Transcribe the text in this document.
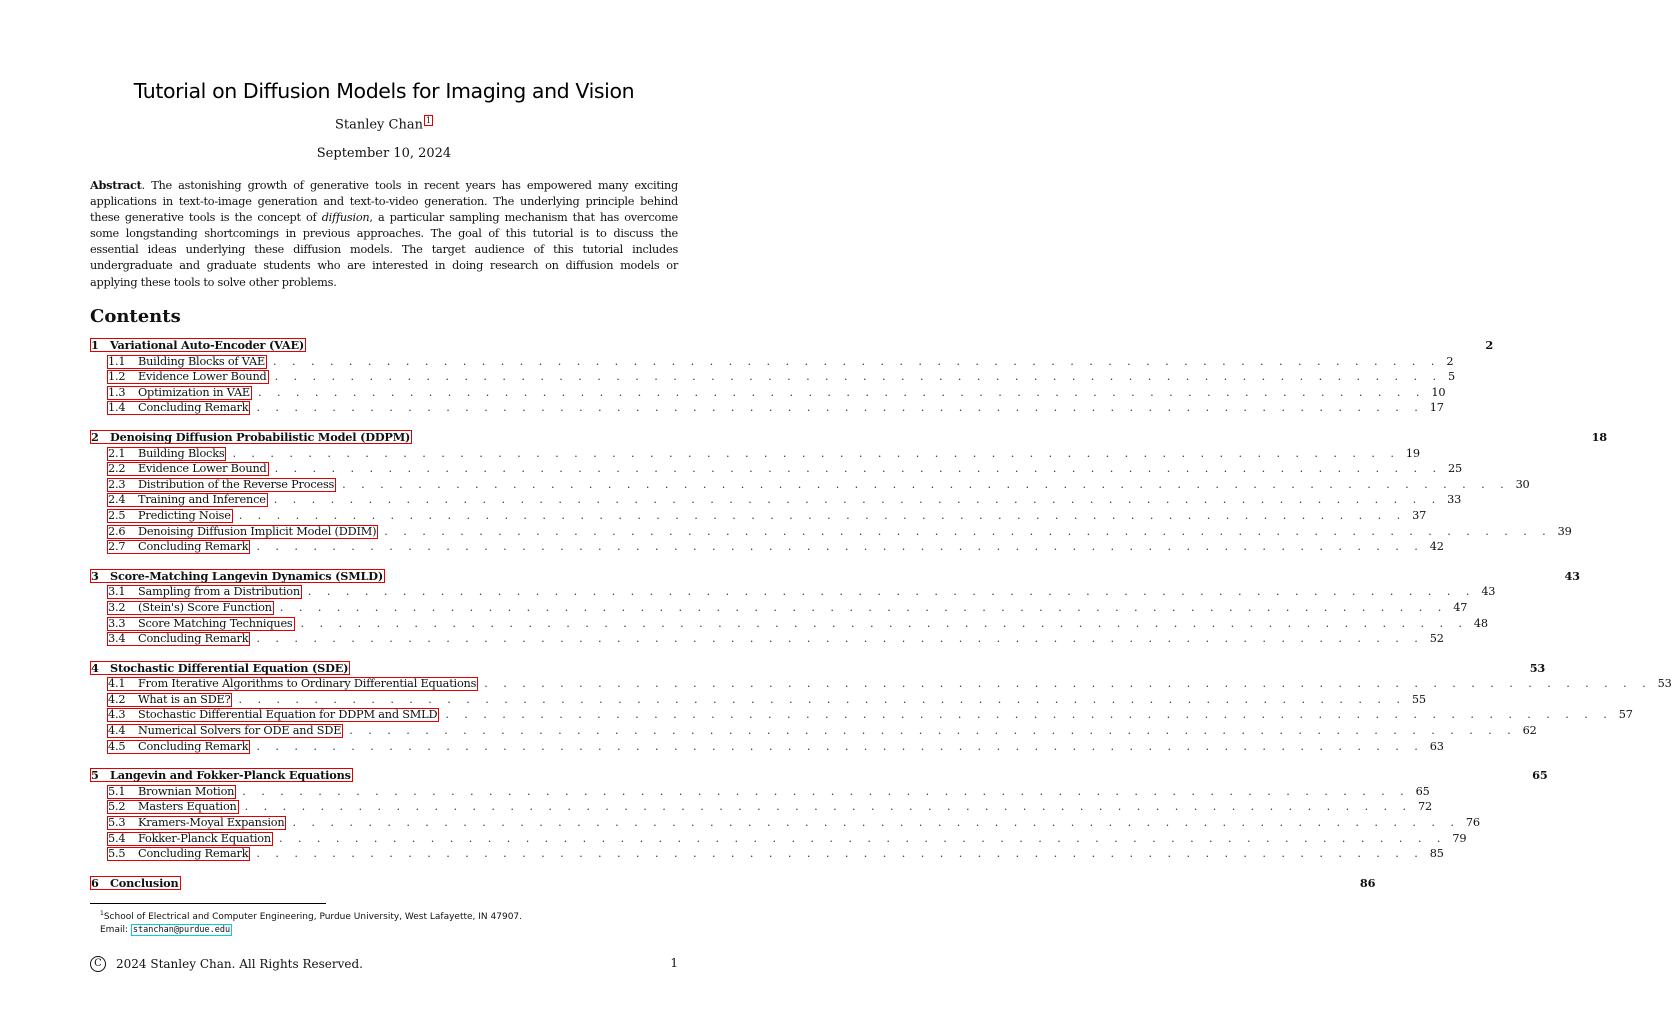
Tutorial on Diffusion Models for Imaging and Vision
Stanley Chan $^1$
September 10, 2024
Abstract. The astonishing growth of generative tools in recent years has empowered many exciting applications in text-to-image generation and text-to-video generation. The underlying principle behind these generative tools is the concept of diffusion, a particular sampling mechanism that has overcome some longstanding shortcomings in previous approaches. The goal of this tutorial is to discuss the essential ideas underlying these diffusion models. The target audience of this tutorial includes undergraduate and graduate students who are interested in doing research on diffusion models or applying these tools to solve other problems.
Contents
1 Variational Auto-Encoder (VAE)	2
1.1 Building Blocks of VAE . . . . . . . . . . . . . . . . . . . . . . . . . . . . . . . . . . . . . . . . . . . . . . . . . . . . . . . . . . . . . . 2
1.2 Evidence Lower Bound . . . . . . . . . . . . . . . . . . . . . . . . . . . . . . . . . . . . . . . . . . . . . . . . . . . . . . . . . . . . . . 5
1.3 Optimization in VAE . . . . . . . . . . . . . . . . . . . . . . . . . . . . . . . . . . . . . . . . . . . . . . . . . . . . . . . . . . . . . . 10
1.4 Concluding Remark . . . . . . . . . . . . . . . . . . . . . . . . . . . . . . . . . . . . . . . . . . . . . . . . . . . . . . . . . . . . . . 17
2 Denoising Diffusion Probabilistic Model (DDPM)	18
2.1 Building Blocks . . . . . . . . . . . . . . . . . . . . . . . . . . . . . . . . . . . . . . . . . . . . . . . . . . . . . . . . . . . . . . 19
2.2 Evidence Lower Bound . . . . . . . . . . . . . . . . . . . . . . . . . . . . . . . . . . . . . . . . . . . . . . . . . . . . . . . . . . . . . . 25
2.3 Distribution of the Reverse Process . . . . . . . . . . . . . . . . . . . . . . . . . . . . . . . . . . . . . . . . . . . . . . . . . . . . . . . . . . . . . . 30
2.4 Training and Inference . . . . . . . . . . . . . . . . . . . . . . . . . . . . . . . . . . . . . . . . . . . . . . . . . . . . . . . . . . . . . . 33
2.5 Predicting Noise . . . . . . . . . . . . . . . . . . . . . . . . . . . . . . . . . . . . . . . . . . . . . . . . . . . . . . . . . . . . . . 37
2.6 Denoising Diffusion Implicit Model (DDIM) . . . . . . . . . . . . . . . . . . . . . . . . . . . . . . . . . . . . . . . . . . . . . . . . . . . . . . . . . . . . . . 39
2.7 Concluding Remark . . . . . . . . . . . . . . . . . . . . . . . . . . . . . . . . . . . . . . . . . . . . . . . . . . . . . . . . . . . . . . 42
3 Score-Matching Langevin Dynamics (SMLD)	43
3.1 Sampling from a Distribution . . . . . . . . . . . . . . . . . . . . . . . . . . . . . . . . . . . . . . . . . . . . . . . . . . . . . . . . . . . . . . 43
3.2 (Stein's) Score Function . . . . . . . . . . . . . . . . . . . . . . . . . . . . . . . . . . . . . . . . . . . . . . . . . . . . . . . . . . . . . . 47
3.3 Score Matching Techniques . . . . . . . . . . . . . . . . . . . . . . . . . . . . . . . . . . . . . . . . . . . . . . . . . . . . . . . . . . . . . . 48
3.4 Concluding Remark . . . . . . . . . . . . . . . . . . . . . . . . . . . . . . . . . . . . . . . . . . . . . . . . . . . . . . . . . . . . . . 52
4 Stochastic Differential Equation (SDE)	53
4.1 From Iterative Algorithms to Ordinary Differential Equations . . . . . . . . . . . . . . . . . . . . . . . . . . . . . . . . . . . . . . . . . . . . . . . . . . . . . . . . . . . . . . 53
4.2 What is an SDE? . . . . . . . . . . . . . . . . . . . . . . . . . . . . . . . . . . . . . . . . . . . . . . . . . . . . . . . . . . . . . . 55
4.3 Stochastic Differential Equation for DDPM and SMLD . . . . . . . . . . . . . . . . . . . . . . . . . . . . . . . . . . . . . . . . . . . . . . . . . . . . . . . . . . . . . . 57
4.4 Numerical Solvers for ODE and SDE . . . . . . . . . . . . . . . . . . . . . . . . . . . . . . . . . . . . . . . . . . . . . . . . . . . . . . . . . . . . . . 62
4.5 Concluding Remark . . . . . . . . . . . . . . . . . . . . . . . . . . . . . . . . . . . . . . . . . . . . . . . . . . . . . . . . . . . . . . 63
5 Langevin and Fokker-Planck Equations	65
5.1 Brownian Motion . . . . . . . . . . . . . . . . . . . . . . . . . . . . . . . . . . . . . . . . . . . . . . . . . . . . . . . . . . . . . . 65
5.2 Masters Equation . . . . . . . . . . . . . . . . . . . . . . . . . . . . . . . . . . . . . . . . . . . . . . . . . . . . . . . . . . . . . . 72
5.3 Kramers-Moyal Expansion . . . . . . . . . . . . . . . . . . . . . . . . . . . . . . . . . . . . . . . . . . . . . . . . . . . . . . . . . . . . . . 76
5.4 Fokker-Planck Equation . . . . . . . . . . . . . . . . . . . . . . . . . . . . . . . . . . . . . . . . . . . . . . . . . . . . . . . . . . . . . . 79
5.5 Concluding Remark . . . . . . . . . . . . . . . . . . . . . . . . . . . . . . . . . . . . . . . . . . . . . . . . . . . . . . . . . . . . . . 85
6 Conclusion	86
$^1$School of Electrical and Computer Engineering, Purdue University, West Lafayette, IN 47907.
Email: stanchan@purdue.edu
C	2024 Stanley Chan. All Rights Reserved.	1
